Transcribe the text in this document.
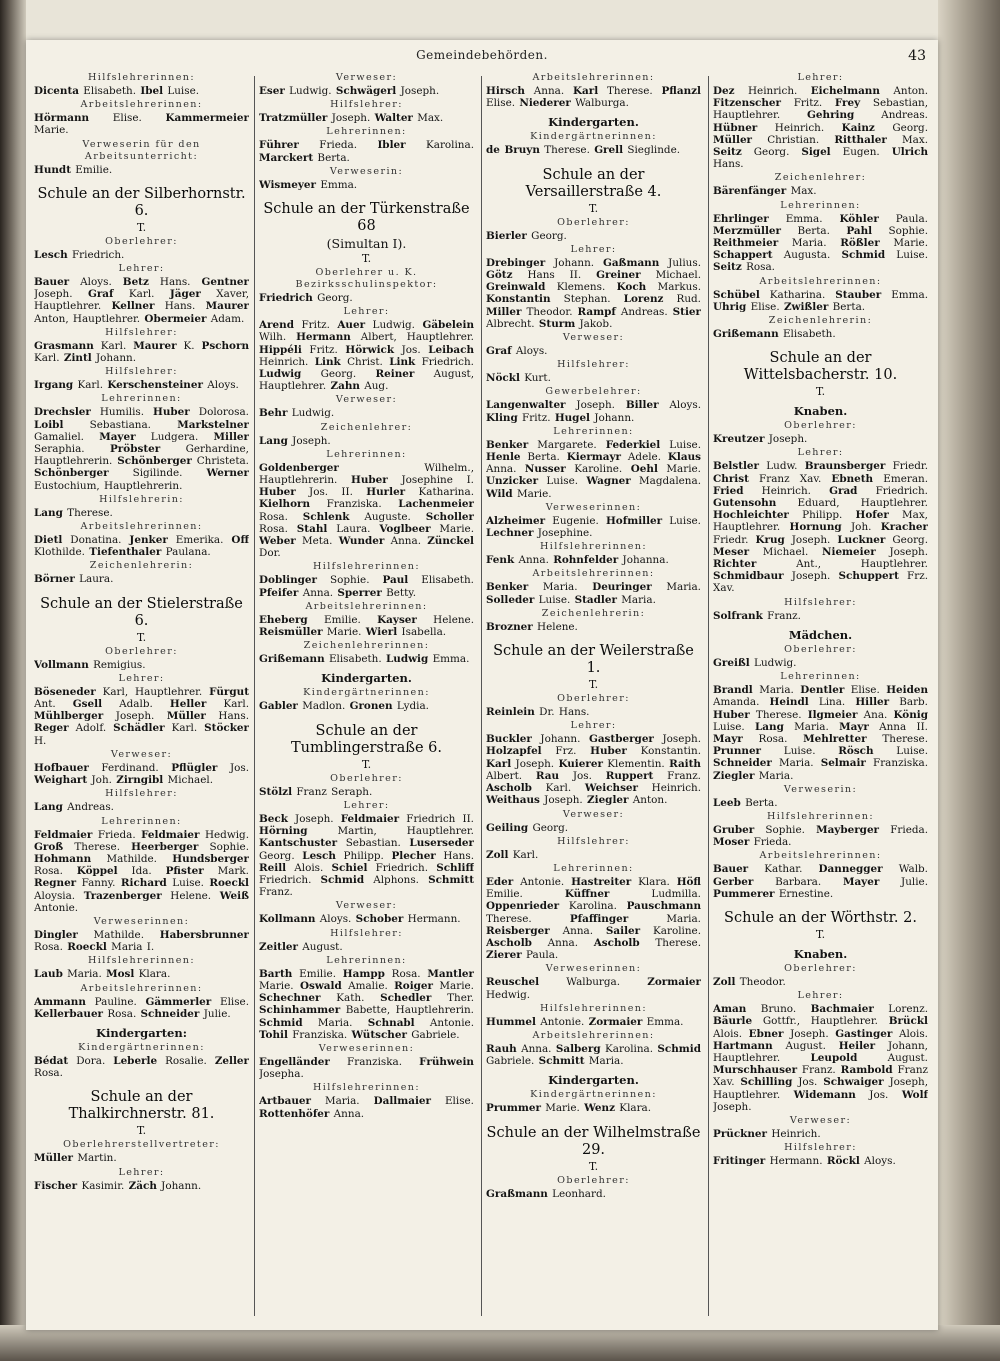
Gemeindebehörden.	43
Hilfslehrerinnen:
Dicenta Elisabeth. Ibel Luise.
Arbeitslehrerinnen:
Hörmann Elise. Kammermeier Marie.
Verweserin für den Arbeitsunterricht:
Hundt Emilie.
Schule an der Silberhornstr. 6.
T.
Oberlehrer:
Lesch Friedrich.
Lehrer:
Bauer Aloys. Betz Hans. Gentner Joseph. Graf Karl. Jäger Xaver, Hauptlehrer. Kellner Hans. Maurer Anton, Hauptlehrer. Obermeier Adam.
Hilfslehrer:
Grasmann Karl. Maurer K. Pschorn Karl. Zintl Johann.
Hilfslehrer:
Irgang Karl. Kerschensteiner Aloys.
Lehrerinnen:
Drechsler Humilis. Huber Dolorosa. Loibl Sebastiana. Markstelner Gamaliel. Mayer Ludgera. Miller Seraphia. Pröbster Gerhardine, Hauptlehrerin. Schönberger Christeta. Schönberger Sigilinde. Werner Eustochium, Hauptlehrerin.
Hilfslehrerin:
Lang Therese.
Arbeitslehrerinnen:
Dietl Donatina. Jenker Emerika. Off Klothilde. Tiefenthaler Paulana.
Zeichenlehrerin:
Börner Laura.
Schule an der Stielerstraße 6.
T.
Oberlehrer:
Vollmann Remigius.
Lehrer:
Böseneder Karl, Hauptlehrer. Fürgut Ant. Gsell Adalb. Heller Karl. Mühlberger Joseph. Müller Hans. Reger Adolf. Schädler Karl. Stöcker H.
Verweser:
Hofbauer Ferdinand. Pflügler Jos. Weighart Joh. Zirngibl Michael.
Hilfslehrer:
Lang Andreas.
Lehrerinnen:
Feldmaier Frieda. Feldmaier Hedwig. Groß Therese. Heerberger Sophie. Hohmann Mathilde. Hundsberger Rosa. Köppel Ida. Pfister Mark. Regner Fanny. Richard Luise. Roeckl Aloysia. Trazenberger Helene. Weiß Antonie.
Verweserinnen:
Dingler Mathilde. Habersbrunner Rosa. Roeckl Maria I.
Hilfslehrerinnen:
Laub Maria. Mosl Klara.
Arbeitslehrerinnen:
Ammann Pauline. Gämmerler Elise. Kellerbauer Rosa. Schneider Julie.
Kindergarten:
Kindergärtnerinnen:
Bédat Dora. Leberle Rosalie. Zeller Rosa.
Schule an der Thalkirchnerstr. 81.
T.
Oberlehrerstellvertreter:
Müller Martin.
Lehrer:
Fischer Kasimir. Zäch Johann.
Verweser:
Eser Ludwig. Schwägerl Joseph.
Hilfslehrer:
Tratzmüller Joseph. Walter Max.
Lehrerinnen:
Führer Frieda. Ibler Karolina. Marckert Berta.
Verweserin:
Wismeyer Emma.
Schule an der Türkenstraße 68
(Simultan I).
T.
Oberlehrer u. K. Bezirksschulinspektor:
Friedrich Georg.
Lehrer:
Arend Fritz. Auer Ludwig. Gäbelein Wilh. Hermann Albert, Hauptlehrer. Hippéli Fritz. Hörwick Jos. Leibach Heinrich. Link Christ. Link Friedrich. Ludwig Georg. Reiner August, Hauptlehrer. Zahn Aug.
Verweser:
Behr Ludwig.
Zeichenlehrer:
Lang Joseph.
Lehrerinnen:
Goldenberger Wilhelm., Hauptlehrerin. Huber Josephine I. Huber Jos. II. Hurler Katharina. Kielhorn Franziska. Lachenmeier Rosa. Schlenk Auguste. Scholler Rosa. Stahl Laura. Voglbeer Marie. Weber Meta. Wunder Anna. Zünckel Dor.
Hilfslehrerinnen:
Doblinger Sophie. Paul Elisabeth. Pfeifer Anna. Sperrer Betty.
Arbeitslehrerinnen:
Eheberg Emilie. Kayser Helene. Reismüller Marie. Wierl Isabella.
Zeichenlehrerinnen:
Grißemann Elisabeth. Ludwig Emma.
Kindergarten.
Kindergärtnerinnen:
Gabler Madlon. Gronen Lydia.
Schule an der Tumblingerstraße 6.
T.
Oberlehrer:
Stölzl Franz Seraph.
Lehrer:
Beck Joseph. Feldmaier Friedrich II. Hörning Martin, Hauptlehrer. Kantschuster Sebastian. Luserseder Georg. Lesch Philipp. Plecher Hans. Reill Alois. Schiel Friedrich. Schliff Friedrich. Schmid Alphons. Schmitt Franz.
Verweser:
Kollmann Aloys. Schober Hermann.
Hilfslehrer:
Zeitler August.
Lehrerinnen:
Barth Emilie. Hampp Rosa. Mantler Marie. Oswald Amalie. Roiger Marie. Schechner Kath. Schedler Ther. Schinhammer Babette, Hauptlehrerin. Schmid Maria. Schnabl Antonie. Tohil Franziska. Wütscher Gabriele.
Verweserinnen:
Engelländer Franziska. Frühwein Josepha.
Hilfslehrerinnen:
Artbauer Maria. Dallmaier Elise. Rottenhöfer Anna.
Arbeitslehrerinnen:
Hirsch Anna. Karl Therese. Pflanzl Elise. Niederer Walburga.
Kindergarten.
Kindergärtnerinnen:
de Bruyn Therese. Grell Sieglinde.
Schule an der Versaillerstraße 4.
T.
Oberlehrer:
Bierler Georg.
Lehrer:
Drebinger Johann. Gaßmann Julius. Götz Hans II. Greiner Michael. Greinwald Klemens. Koch Markus. Konstantin Stephan. Lorenz Rud. Miller Theodor. Rampf Andreas. Stier Albrecht. Sturm Jakob.
Verweser:
Graf Aloys.
Hilfslehrer:
Nöckl Kurt.
Gewerbelehrer:
Langenwalter Joseph. Biller Aloys. Kling Fritz. Hugel Johann.
Lehrerinnen:
Benker Margarete. Federkiel Luise. Henle Berta. Kiermayr Adele. Klaus Anna. Nusser Karoline. Oehl Marie. Unzicker Luise. Wagner Magdalena. Wild Marie.
Verweserinnen:
Alzheimer Eugenie. Hofmiller Luise. Lechner Josephine.
Hilfslehrerinnen:
Fenk Anna. Rohnfelder Johanna.
Arbeitslehrerinnen:
Benker Maria. Deuringer Maria. Solleder Luise. Stadler Maria.
Zeichenlehrerin:
Brozner Helene.
Schule an der Weilerstraße 1.
T.
Oberlehrer:
Reinlein Dr. Hans.
Lehrer:
Buckler Johann. Gastberger Joseph. Holzapfel Frz. Huber Konstantin. Karl Joseph. Kuierer Klementin. Raith Albert. Rau Jos. Ruppert Franz. Ascholb Karl. Weichser Heinrich. Weithaus Joseph. Ziegler Anton.
Verweser:
Geiling Georg.
Hilfslehrer:
Zoll Karl.
Lehrerinnen:
Eder Antonie. Hastreiter Klara. Höfl Emilie. Küffner Ludmilla. Oppenrieder Karolina. Pauschmann Therese. Pfaffinger Maria. Reisberger Anna. Sailer Karoline. Ascholb Anna. Ascholb Therese. Zierer Paula.
Verweserinnen:
Reuschel Walburga. Zormaier Hedwig.
Hilfslehrerinnen:
Hummel Antonie. Zormaier Emma.
Arbeitslehrerinnen:
Rauh Anna. Salberg Karolina. Schmid Gabriele. Schmitt Maria.
Kindergarten.
Kindergärtnerinnen:
Prummer Marie. Wenz Klara.
Schule an der Wilhelmstraße 29.
T.
Oberlehrer:
Graßmann Leonhard.
Lehrer:
Dez Heinrich. Eichelmann Anton. Fitzenscher Fritz. Frey Sebastian, Hauptlehrer. Gehring Andreas. Hübner Heinrich. Kainz Georg. Müller Christian. Ritthaler Max. Seitz Georg. Sigel Eugen. Ulrich Hans.
Zeichenlehrer:
Bärenfänger Max.
Lehrerinnen:
Ehrlinger Emma. Köhler Paula. Merzmüller Berta. Pahl Sophie. Reithmeier Maria. Rößler Marie. Schappert Augusta. Schmid Luise. Seitz Rosa.
Arbeitslehrerinnen:
Schübel Katharina. Stauber Emma. Uhrig Elise. Zwißler Berta.
Zeichenlehrerin:
Grißemann Elisabeth.
Schule an der Wittelsbacherstr. 10.
T.
Knaben.
Oberlehrer:
Kreutzer Joseph.
Lehrer:
Belstler Ludw. Braunsberger Friedr. Christ Franz Xav. Ebneth Emeran. Fried Heinrich. Grad Friedrich. Gutensohn Eduard, Hauptlehrer. Hochleichter Philipp. Hofer Max, Hauptlehrer. Hornung Joh. Kracher Friedr. Krug Joseph. Luckner Georg. Meser Michael. Niemeier Joseph. Richter Ant., Hauptlehrer. Schmidbaur Joseph. Schuppert Frz. Xav.
Hilfslehrer:
Solfrank Franz.
Mädchen.
Oberlehrer:
Greißl Ludwig.
Lehrerinnen:
Brandl Maria. Dentler Elise. Heiden Amanda. Heindl Lina. Hiller Barb. Huber Therese. Ilgmeier Ana. König Luise. Lang Maria. Mayr Anna II. Mayr Rosa. Mehlretter Therese. Prunner Luise. Rösch Luise. Schneider Maria. Selmair Franziska. Ziegler Maria.
Verweserin:
Leeb Berta.
Hilfslehrerinnen:
Gruber Sophie. Mayberger Frieda. Moser Frieda.
Arbeitslehrerinnen:
Bauer Kathar. Dannegger Walb. Gerber Barbara. Mayer Julie. Pummerer Ernestine.
Schule an der Wörthstr. 2.
T.
Knaben.
Oberlehrer:
Zoll Theodor.
Lehrer:
Aman Bruno. Bachmaier Lorenz. Bäurle Gottfr., Hauptlehrer. Brückl Alois. Ebner Joseph. Gastinger Alois. Hartmann August. Heiler Johann, Hauptlehrer. Leupold August. Murschhauser Franz. Rambold Franz Xav. Schilling Jos. Schwaiger Joseph, Hauptlehrer. Widemann Jos. Wolf Joseph.
Verweser:
Prückner Heinrich.
Hilfslehrer:
Fritinger Hermann. Röckl Aloys.
